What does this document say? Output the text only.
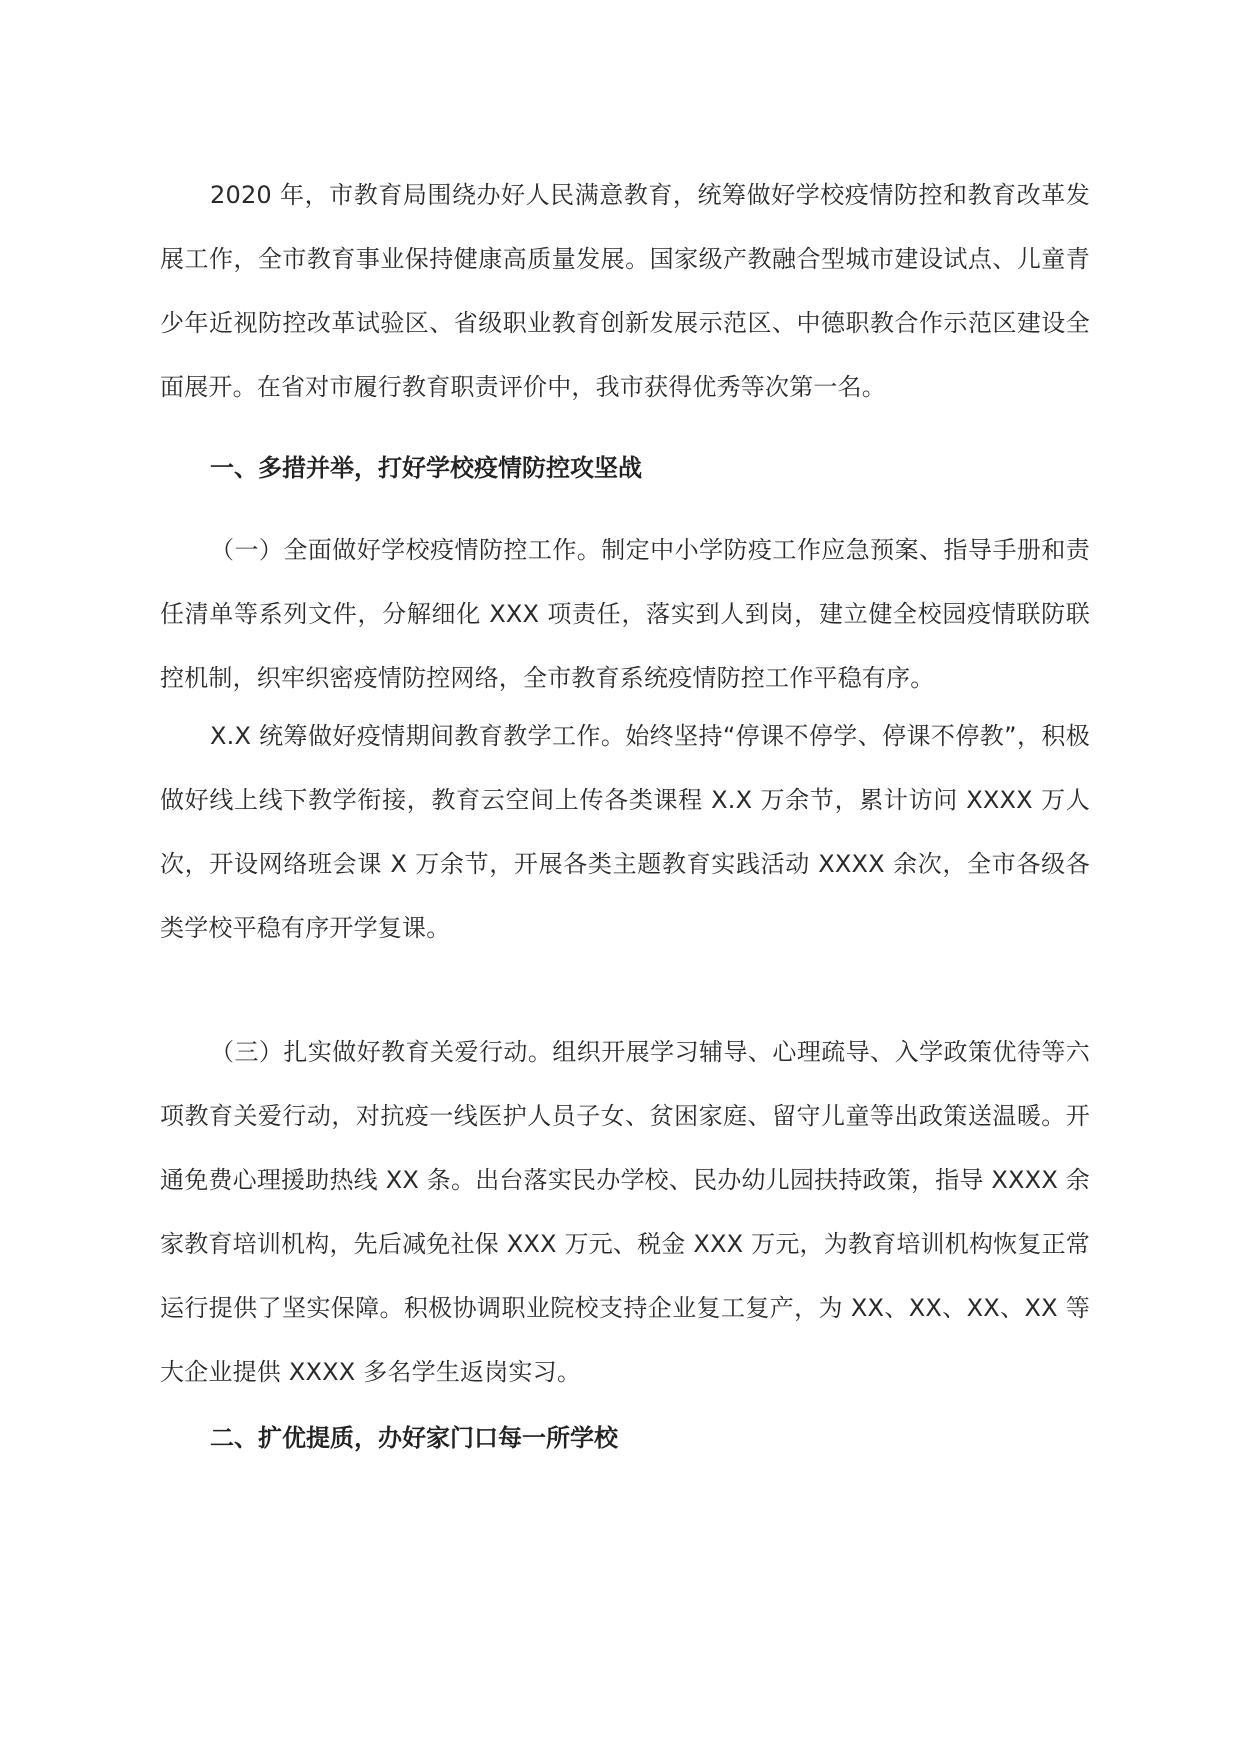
2020 年，市教育局围绕办好人民满意教育，统筹做好学校疫情防控和教育改革发展工作，全市教育事业保持健康高质量发展。国家级产教融合型城市建设试点、儿童青少年近视防控改革试验区、省级职业教育创新发展示范区、中德职教合作示范区建设全面展开。在省对市履行教育职责评价中，我市获得优秀等次第一名。

一、多措并举，打好学校疫情防控攻坚战

（一）全面做好学校疫情防控工作。制定中小学防疫工作应急预案、指导手册和责任清单等系列文件，分解细化 XXX 项责任，落实到人到岗，建立健全校园疫情联防联控机制，织牢织密疫情防控网络，全市教育系统疫情防控工作平稳有序。

X.X 统筹做好疫情期间教育教学工作。始终坚持“停课不停学、停课不停教”，积极做好线上线下教学衔接，教育云空间上传各类课程 X.X 万余节，累计访问 XXXX 万人次，开设网络班会课 X 万余节，开展各类主题教育实践活动 XXXX 余次，全市各级各类学校平稳有序开学复课。

（三）扎实做好教育关爱行动。组织开展学习辅导、心理疏导、入学政策优待等六项教育关爱行动，对抗疫一线医护人员子女、贫困家庭、留守儿童等出政策送温暖。开通免费心理援助热线 XX 条。出台落实民办学校、民办幼儿园扶持政策，指导 XXXX 余家教育培训机构，先后减免社保 XXX 万元、税金 XXX 万元，为教育培训机构恢复正常运行提供了坚实保障。积极协调职业院校支持企业复工复产，为 XX、XX、XX、XX 等大企业提供 XXXX 多名学生返岗实习。

二、扩优提质，办好家门口每一所学校
